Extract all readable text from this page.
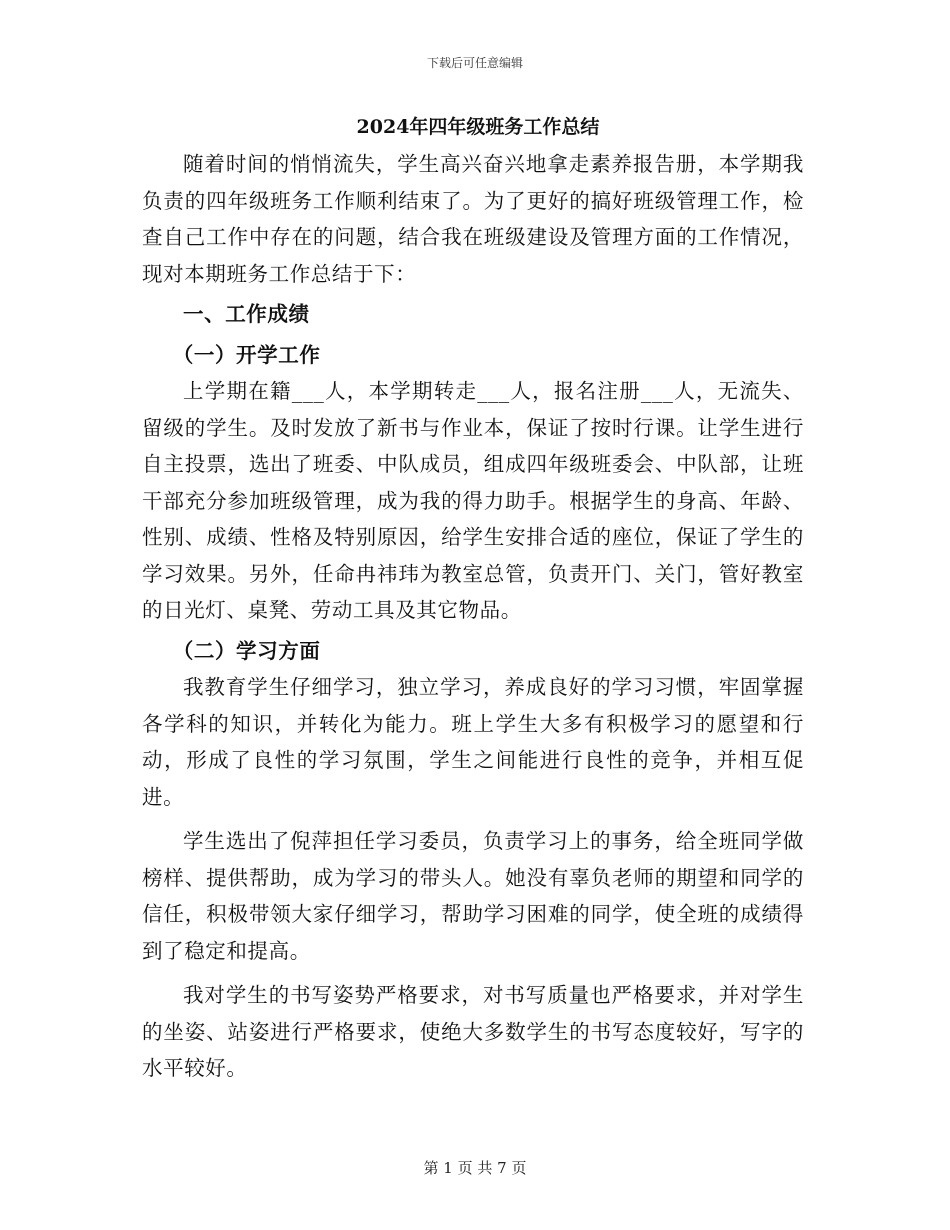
下载后可任意编辑
2024年四年级班务工作总结

随着时间的悄悄流失，学生高兴奋兴地拿走素养报告册，本学期我负责的四年级班务工作顺利结束了。为了更好的搞好班级管理工作，检查自己工作中存在的问题，结合我在班级建设及管理方面的工作情况，现对本期班务工作总结于下：

一、工作成绩
（一）开学工作

上学期在籍___人，本学期转走___人，报名注册___人，无流失、留级的学生。及时发放了新书与作业本，保证了按时行课。让学生进行自主投票，选出了班委、中队成员，组成四年级班委会、中队部，让班干部充分参加班级管理，成为我的得力助手。根据学生的身高、年龄、性别、成绩、性格及特别原因，给学生安排合适的座位，保证了学生的学习效果。另外，任命冉祎玮为教室总管，负责开门、关门，管好教室的日光灯、桌凳、劳动工具及其它物品。

（二）学习方面

我教育学生仔细学习，独立学习，养成良好的学习习惯，牢固掌握各学科的知识，并转化为能力。班上学生大多有积极学习的愿望和行动，形成了良性的学习氛围，学生之间能进行良性的竞争，并相互促进。

学生选出了倪萍担任学习委员，负责学习上的事务，给全班同学做榜样、提供帮助，成为学习的带头人。她没有辜负老师的期望和同学的信任，积极带领大家仔细学习，帮助学习困难的同学，使全班的成绩得到了稳定和提高。

我对学生的书写姿势严格要求，对书写质量也严格要求，并对学生的坐姿、站姿进行严格要求，使绝大多数学生的书写态度较好，写字的水平较好。

第 1 页 共 7 页
